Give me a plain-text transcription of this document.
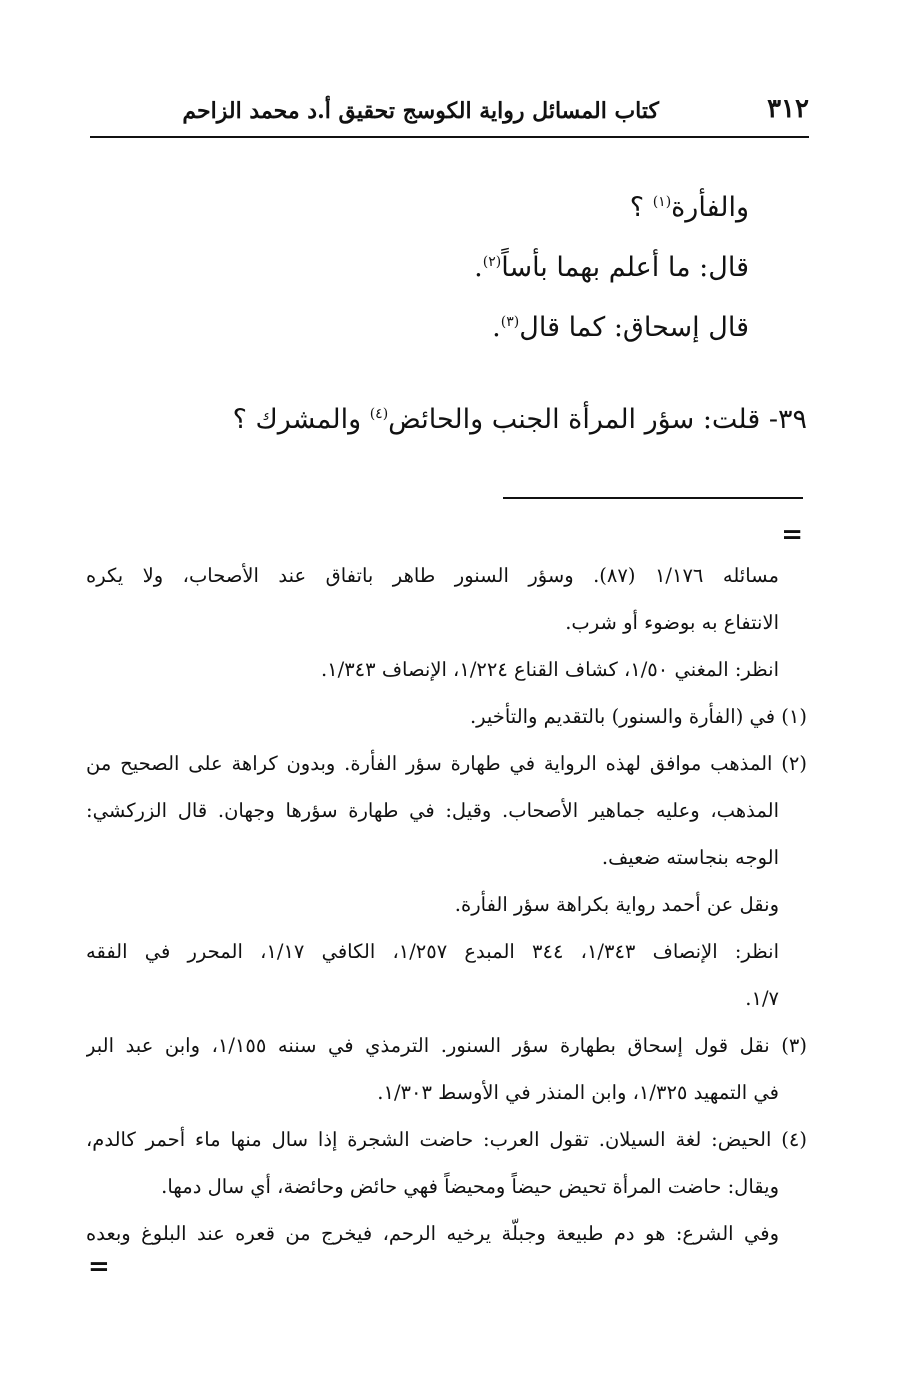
٣١٢
كتاب المسائل رواية الكوسج تحقيق أ.د محمد الزاحم
والفأرة$^{(١)}$ ؟
قال: ما أعلم بهما بأساً$^{(٢)}$.
قال إسحاق: كما قال$^{(٣)}$.
٣٩- قلت: سؤر المرأة الجنب والحائض$^{(٤)}$ والمشرك ؟
=
مسائله ١/١٧٦ (٨٧). وسؤر السنور طاهر باتفاق عند الأصحاب، ولا يكره
الانتفاع به بوضوء أو شرب.
انظر: المغني ١/٥٠، كشاف القناع ١/٢٢٤، الإنصاف ١/٣٤٣.
(١) في (الفأرة والسنور) بالتقديم والتأخير.
(٢) المذهب موافق لهذه الرواية في طهارة سؤر الفأرة. وبدون كراهة على الصحيح من
المذهب، وعليه جماهير الأصحاب. وقيل: في طهارة سؤرها وجهان. قال الزركشي:
الوجه بنجاسته ضعيف.
ونقل عن أحمد رواية بكراهة سؤر الفأرة.
انظر: الإنصاف ١/٣٤٣، ٣٤٤ المبدع ١/٢٥٧، الكافي ١/١٧، المحرر في الفقه
١/٧.
(٣) نقل قول إسحاق بطهارة سؤر السنور. الترمذي في سننه ١/١٥٥، وابن عبد البر
في التمهيد ١/٣٢٥، وابن المنذر في الأوسط ١/٣٠٣.
(٤) الحيض: لغة السيلان. تقول العرب: حاضت الشجرة إذا سال منها ماء أحمر كالدم،
ويقال: حاضت المرأة تحيض حيضاً ومحيضاً فهي حائض وحائضة، أي سال دمها.
وفي الشرع: هو دم طبيعة وجبلّة يرخيه الرحم، فيخرج من قعره عند البلوغ وبعده
=
